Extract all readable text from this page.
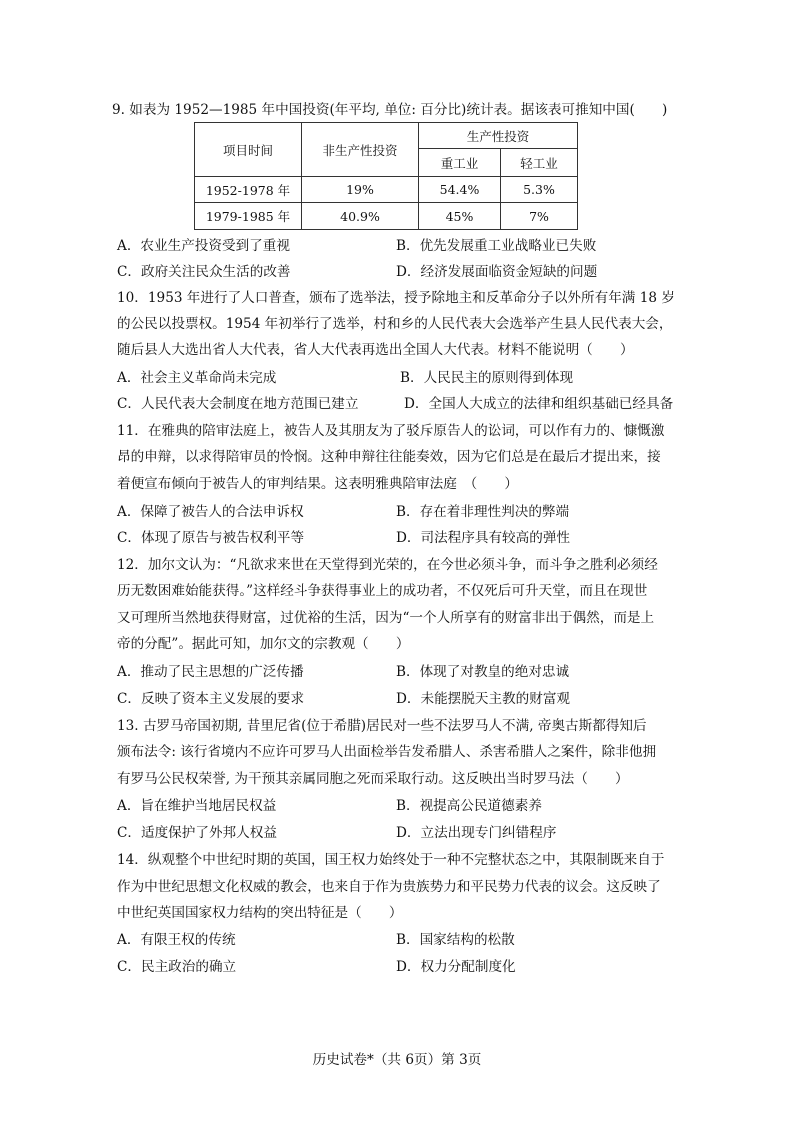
9. 如表为 1952—1985 年中国投资(年平均, 单位: 百分比)统计表。据该表可推知中国(　　)
项目时间	非生产性投资	生产性投资	
		重工业	轻工业
1952-1978 年	19%	54.4%	5.3%
1979-1985 年	40.9%	45%	7%
A．农业生产投资受到了重视	B．优先发展重工业战略业已失败
C．政府关注民众生活的改善	D．经济发展面临资金短缺的问题
10．1953 年进行了人口普查，颁布了选举法，授予除地主和反革命分子以外所有年满 18 岁
的公民以投票权。1954 年初举行了选举，村和乡的人民代表大会选举产生县人民代表大会，
随后县人大选出省人大代表，省人大代表再选出全国人大代表。材料不能说明（　　）
A．社会主义革命尚未完成	B．人民民主的原则得到体现
C．人民代表大会制度在地方范围已建立	D．全国人大成立的法律和组织基础已经具备
11．在雅典的陪审法庭上，被告人及其朋友为了驳斥原告人的讼词，可以作有力的、慷慨激
昂的申辩，以求得陪审员的怜悯。这种申辩往往能奏效，因为它们总是在最后才提出来，接
着便宣布倾向于被告人的审判结果。这表明雅典陪审法庭　（　　）
A．保障了被告人的合法申诉权	B．存在着非理性判决的弊端
C．体现了原告与被告权利平等	D．司法程序具有较高的弹性
12．加尔文认为：“凡欲求来世在天堂得到光荣的，在今世必须斗争，而斗争之胜利必须经
历无数困难始能获得。”这样经斗争获得事业上的成功者，不仅死后可升天堂，而且在现世
又可理所当然地获得财富，过优裕的生活，因为“一个人所享有的财富非出于偶然，而是上
帝的分配”。据此可知，加尔文的宗教观（　　）
A．推动了民主思想的广泛传播	B．体现了对教皇的绝对忠诚
C．反映了资本主义发展的要求	D．未能摆脱天主教的财富观
13. 古罗马帝国初期, 昔里尼省(位于希腊)居民对一些不法罗马人不满, 帝奥古斯都得知后
颁布法令: 该行省境内不应许可罗马人出面检举告发希腊人、杀害希腊人之案件，除非他拥
有罗马公民权荣誉, 为干预其亲属同胞之死而采取行动。这反映出当时罗马法（　　）
A．旨在维护当地居民权益	B．视提高公民道德素养
C．适度保护了外邦人权益	D．立法出现专门纠错程序
14．纵观整个中世纪时期的英国，国王权力始终处于一种不完整状态之中，其限制既来自于
作为中世纪思想文化权威的教会，也来自于作为贵族势力和平民势力代表的议会。这反映了
中世纪英国国家权力结构的突出特征是（　　）
A．有限王权的传统	B．国家结构的松散
C．民主政治的确立	D．权力分配制度化
历史试卷*（共 6页）第 3页
